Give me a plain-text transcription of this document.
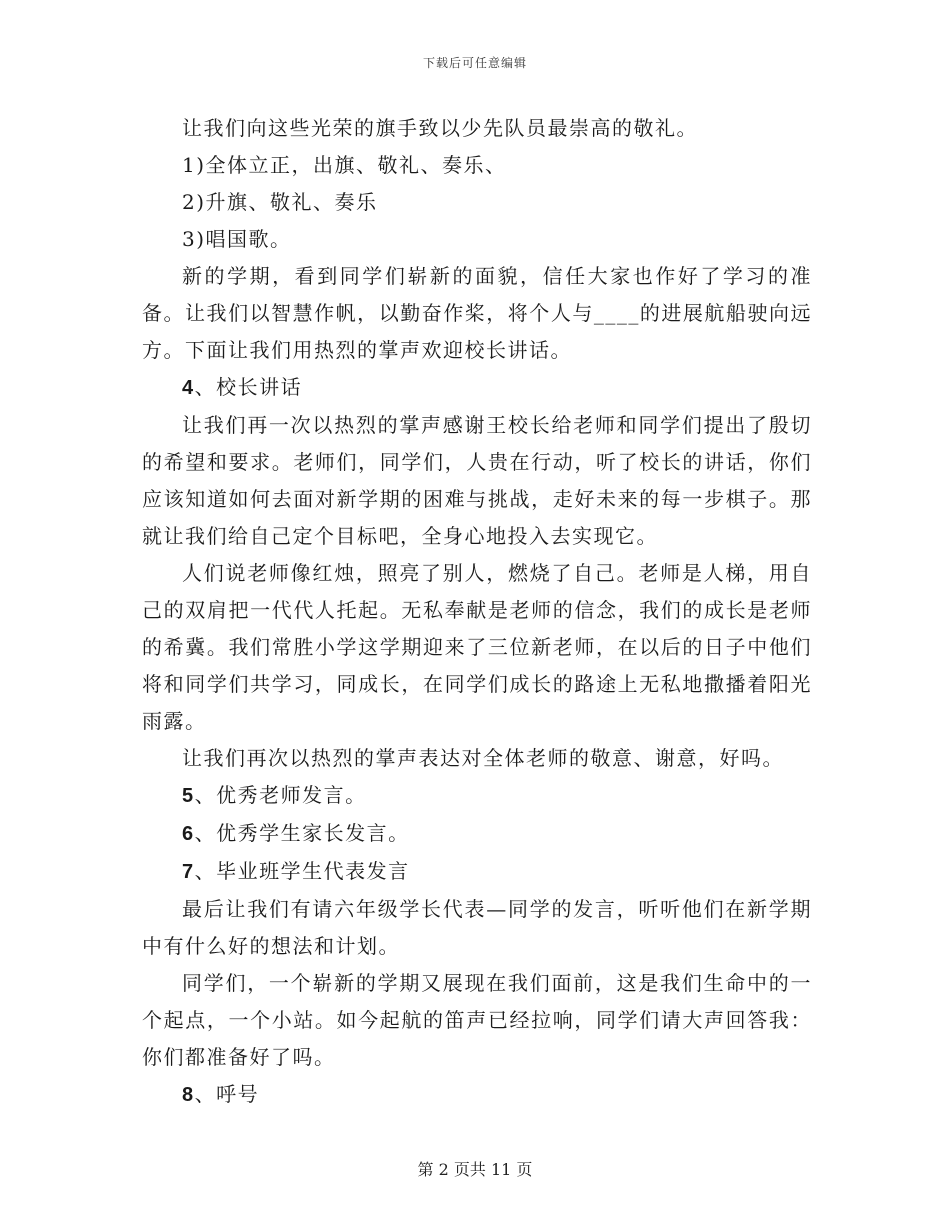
下载后可任意编辑

让我们向这些光荣的旗手致以少先队员最崇高的敬礼。

1)全体立正，出旗、敬礼、奏乐、

2)升旗、敬礼、奏乐

3)唱国歌。

新的学期，看到同学们崭新的面貌，信任大家也作好了学习的准备。让我们以智慧作帆，以勤奋作桨，将个人与____的进展航船驶向远方。下面让我们用热烈的掌声欢迎校长讲话。

4、校长讲话

让我们再一次以热烈的掌声感谢王校长给老师和同学们提出了殷切的希望和要求。老师们，同学们，人贵在行动，听了校长的讲话，你们应该知道如何去面对新学期的困难与挑战，走好未来的每一步棋子。那就让我们给自己定个目标吧，全身心地投入去实现它。

人们说老师像红烛，照亮了别人，燃烧了自己。老师是人梯，用自己的双肩把一代代人托起。无私奉献是老师的信念，我们的成长是老师的希冀。我们常胜小学这学期迎来了三位新老师，在以后的日子中他们将和同学们共学习，同成长，在同学们成长的路途上无私地撒播着阳光雨露。

让我们再次以热烈的掌声表达对全体老师的敬意、谢意，好吗。

5、优秀老师发言。

6、优秀学生家长发言。

7、毕业班学生代表发言

最后让我们有请六年级学长代表—同学的发言，听听他们在新学期中有什么好的想法和计划。

同学们，一个崭新的学期又展现在我们面前，这是我们生命中的一个起点，一个小站。如今起航的笛声已经拉响，同学们请大声回答我：你们都准备好了吗。

8、呼号

第 2 页共 11 页
